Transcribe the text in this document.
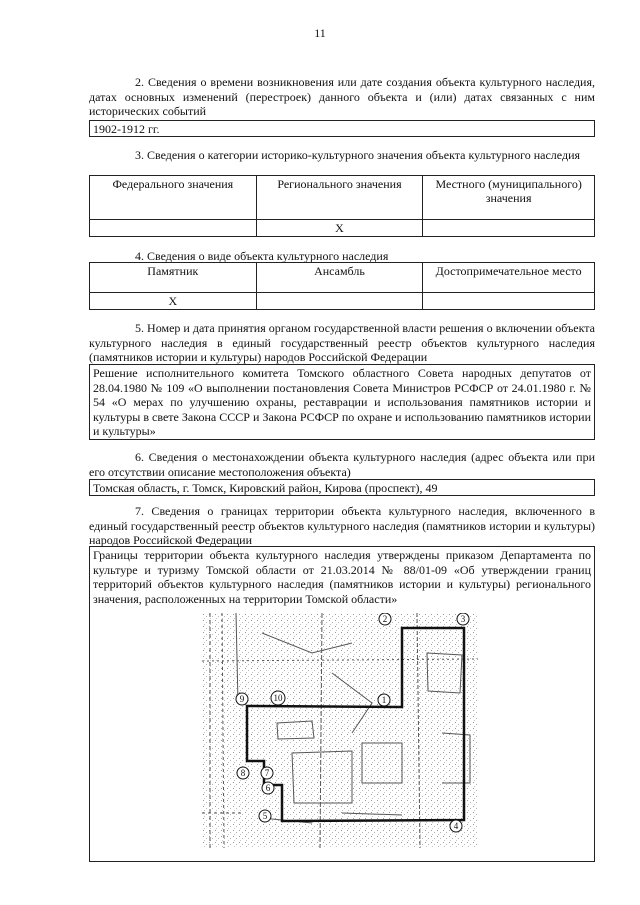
11
2. Сведения о времени возникновения или дате создания объекта культурного наследия, датах основных изменений (перестроек) данного объекта и (или) датах связанных с ним исторических событий
1902-1912 гг.
3. Сведения о категории историко-культурного значения объекта культурного наследия
Федерального значения	Регионального значения	Местного (муниципального) значения
	X	
4. Сведения о виде объекта культурного наследия
Памятник	Ансамбль	Достопримечательное место
X		
5. Номер и дата принятия органом государственной власти решения о включении объекта культурного наследия в единый государственный реестр объектов культурного наследия (памятников истории и культуры) народов Российской Федерации
Решение исполнительного комитета Томского областного Совета народных депутатов от 28.04.1980 № 109 «О выполнении постановления Совета Министров РСФСР от 24.01.1980 г. № 54 «О мерах по улучшению охраны, реставрации и использования памятников истории и культуры в свете Закона СССР и Закона РСФСР по охране и использованию памятников истории и культуры»
6. Сведения о местонахождении объекта культурного наследия (адрес объекта или при его отсутствии описание местоположения объекта)
Томская область, г. Томск, Кировский район, Кирова (проспект), 49
7. Сведения о границах территории объекта культурного наследия, включенного в единый государственный реестр объектов культурного наследия (памятников истории и культуры) народов Российской Федерации
Границы территории объекта культурного наследия утверждены приказом Департамента по культуре и туризму Томской области от 21.03.2014 № 88/01-09 «Об утверждении границ территорий объектов культурного наследия (памятников истории и культуры) регионального значения, расположенных на территории Томской области»
1
2	3
4
5
6
7
8
9	10
